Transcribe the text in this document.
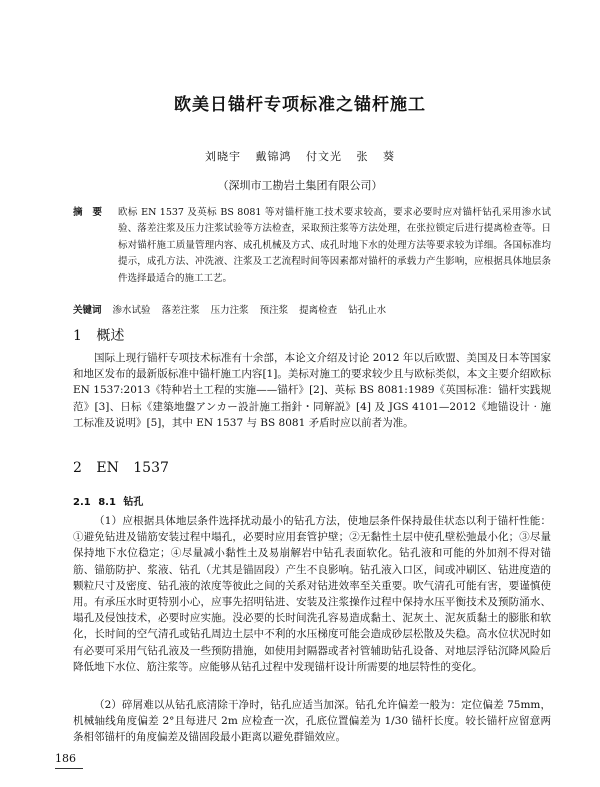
欧美日锚杆专项标准之锚杆施工
刘晓宇 戴锦鸿 付文光 张 葵
（深圳市工勘岩土集团有限公司）
摘要 欧标 EN 1537 及英标 BS 8081 等对锚杆施工技术要求较高，要求必要时应对锚杆钻孔采用渗水试验、落差注浆及压力注浆试验等方法检查，采取预注浆等方法处理，在张拉锁定后进行提离检查等。日标对锚杆施工质量管理内容、成孔机械及方式、成孔时地下水的处理方法等要求较为详细。各国标准均提示，成孔方法、冲洗液、注浆及工艺流程时间等因素都对锚杆的承载力产生影响，应根据具体地层条件选择最适合的施工工艺。
关键词 渗水试验 落差注浆 压力注浆 预注浆 提离检查 钻孔止水
1 概述
国际上现行锚杆专项技术标准有十余部，本论文介绍及讨论 2012 年以后欧盟、美国及日本等国家和地区发布的最新版标准中锚杆施工内容[1]。美标对施工的要求较少且与欧标类似，本文主要介绍欧标 EN 1537:2013《特种岩土工程的实施——锚杆》[2]、英标 BS 8081:1989《英国标准：锚杆实践规范》[3]、日标《建築地盤アンカー設計施工指針・同解説》[4] 及 JGS 4101—2012《地锚设计 · 施工标准及说明》[5]，其中 EN 1537 与 BS 8081 矛盾时应以前者为准。
2 EN 1537
2.1 8.1 钻孔
（1）应根据具体地层条件选择扰动最小的钻孔方法，使地层条件保持最佳状态以利于锚杆性能：①避免钻进及锚筋安装过程中塌孔，必要时应用套管护壁；②无黏性土层中使孔壁松弛最小化；③尽量保持地下水位稳定；④尽量减小黏性土及易崩解岩中钻孔表面软化。钻孔液和可能的外加剂不得对锚筋、锚筋防护、浆液、钻孔（尤其是锚固段）产生不良影响。钻孔液入口区，间或冲刷区、钻进度造的颗粒尺寸及密度、钻孔液的浓度等彼此之间的关系对钻进效率至关重要。吹气清孔可能有害，要谨慎使用。有承压水时更特别小心，应事先招明钻进、安装及注浆操作过程中保持水压平衡技术及预防涌水、塌孔及侵蚀技术，必要时应实施。没必要的长时间洗孔容易造成黏土、泥灰土、泥灰质黏土的膨胀和软化，长时间的空气清孔或钻孔周边土层中不利的水压梯度可能会造成砂层松散及失稳。高水位状况时如有必要可采用气钻孔液及一些预防措施，如使用封隔器或者衬管辅助钻孔设备、对地层浮钻沉降风险后降低地下水位、筋注浆等。应能够从钻孔过程中发现锚杆设计所需要的地层特性的变化。
（2）碎屑难以从钻孔底清除干净时，钻孔应适当加深。钻孔允许偏差一般为：定位偏差 75mm，机械轴线角度偏差 2°且每进尺 2m 应检查一次，孔底位置偏差为 1/30 锚杆长度。较长锚杆应留意两条相邻锚杆的角度偏差及锚固段最小距离以避免群锚效应。
186
